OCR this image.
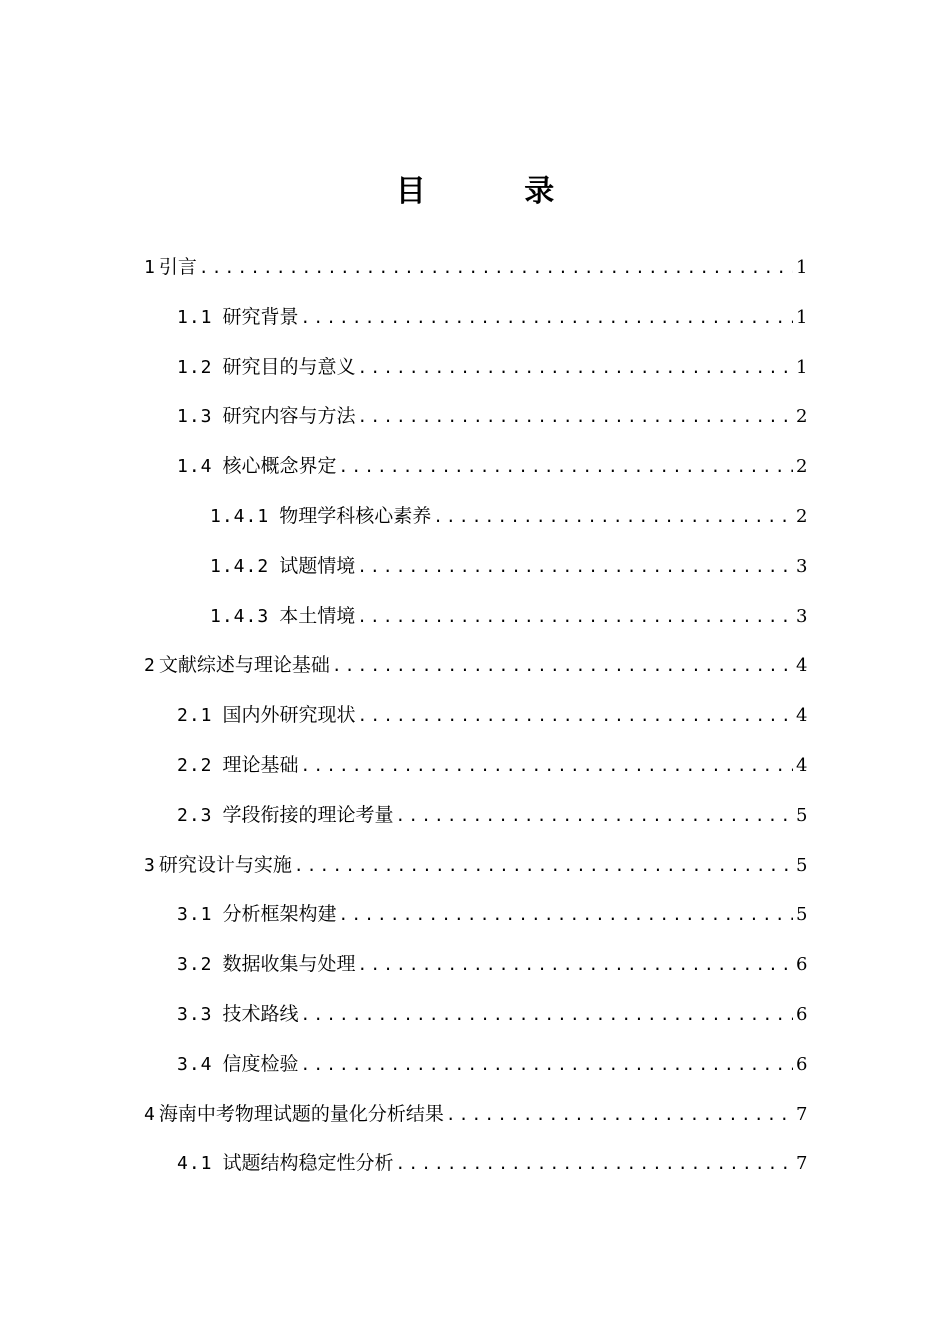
目 录
1 引言 .....	1
1.1 研究背景 .....	1
1.2 研究目的与意义 .....	1
1.3 研究内容与方法 .....	2
1.4 核心概念界定 .....	2
1.4.1 物理学科核心素养 .....	2
1.4.2 试题情境 .....	3
1.4.3 本土情境 .....	3
2 文献综述与理论基础 .....	4
2.1 国内外研究现状 .....	4
2.2 理论基础 .....	4
2.3 学段衔接的理论考量 .....	5
3 研究设计与实施 .....	5
3.1 分析框架构建 .....	5
3.2 数据收集与处理 .....	6
3.3 技术路线 .....	6
3.4 信度检验 .....	6
4 海南中考物理试题的量化分析结果 .....	7
4.1 试题结构稳定性分析 .....	7
